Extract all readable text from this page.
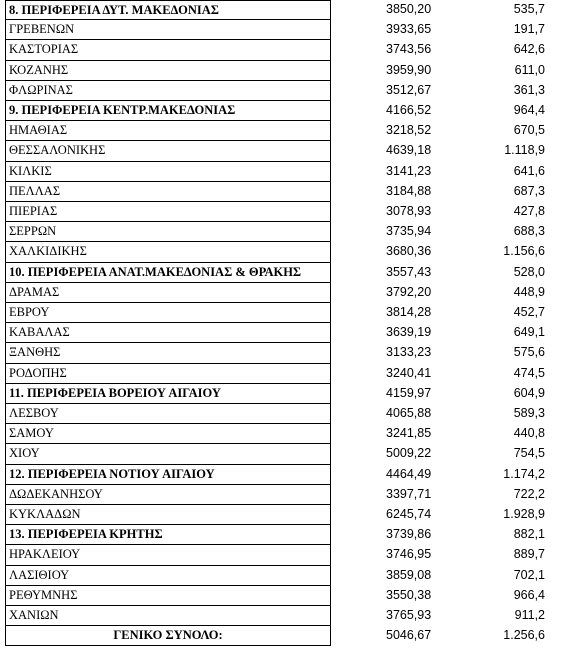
8. ΠΕΡΙΦΕΡΕΙΑ ΔΥΤ. ΜΑΚΕΔΟΝΙΑΣ	3850,20	535,7
ΓΡΕΒΕΝΩΝ	3933,65	191,7
ΚΑΣΤΟΡΙΑΣ	3743,56	642,6
ΚΟΖΑΝΗΣ	3959,90	611,0
ΦΛΩΡΙΝΑΣ	3512,67	361,3
9. ΠΕΡΙΦΕΡΕΙΑ ΚΕΝΤΡ.ΜΑΚΕΔΟΝΙΑΣ	4166,52	964,4
ΗΜΑΘΙΑΣ	3218,52	670,5
ΘΕΣΣΑΛΟΝΙΚΗΣ	4639,18	1.118,9
ΚΙΛΚΙΣ	3141,23	641,6
ΠΕΛΛΑΣ	3184,88	687,3
ΠΙΕΡΙΑΣ	3078,93	427,8
ΣΕΡΡΩΝ	3735,94	688,3
ΧΑΛΚΙΔΙΚΗΣ	3680,36	1.156,6
10. ΠΕΡΙΦΕΡΕΙΑ ΑΝΑΤ.ΜΑΚΕΔΟΝΙΑΣ & ΘΡΑΚΗΣ	3557,43	528,0
ΔΡΑΜΑΣ	3792,20	448,9
ΕΒΡΟΥ	3814,28	452,7
ΚΑΒΑΛΑΣ	3639,19	649,1
ΞΑΝΘΗΣ	3133,23	575,6
ΡΟΔΟΠΗΣ	3240,41	474,5
11. ΠΕΡΙΦΕΡΕΙΑ ΒΟΡΕΙΟΥ ΑΙΓΑΙΟΥ	4159,97	604,9
ΛΕΣΒΟΥ	4065,88	589,3
ΣΑΜΟΥ	3241,85	440,8
ΧΙΟΥ	5009,22	754,5
12. ΠΕΡΙΦΕΡΕΙΑ ΝΟΤΙΟΥ ΑΙΓΑΙΟΥ	4464,49	1.174,2
ΔΩΔΕΚΑΝΗΣΟΥ	3397,71	722,2
ΚΥΚΛΑΔΩΝ	6245,74	1.928,9
13. ΠΕΡΙΦΕΡΕΙΑ ΚΡΗΤΗΣ	3739,86	882,1
ΗΡΑΚΛΕΙΟΥ	3746,95	889,7
ΛΑΣΙΘΙΟΥ	3859,08	702,1
ΡΕΘΥΜΝΗΣ	3550,38	966,4
ΧΑΝΙΩΝ	3765,93	911,2
ΓΕΝΙΚΟ ΣΥΝΟΛΟ:	5046,67	1.256,6
